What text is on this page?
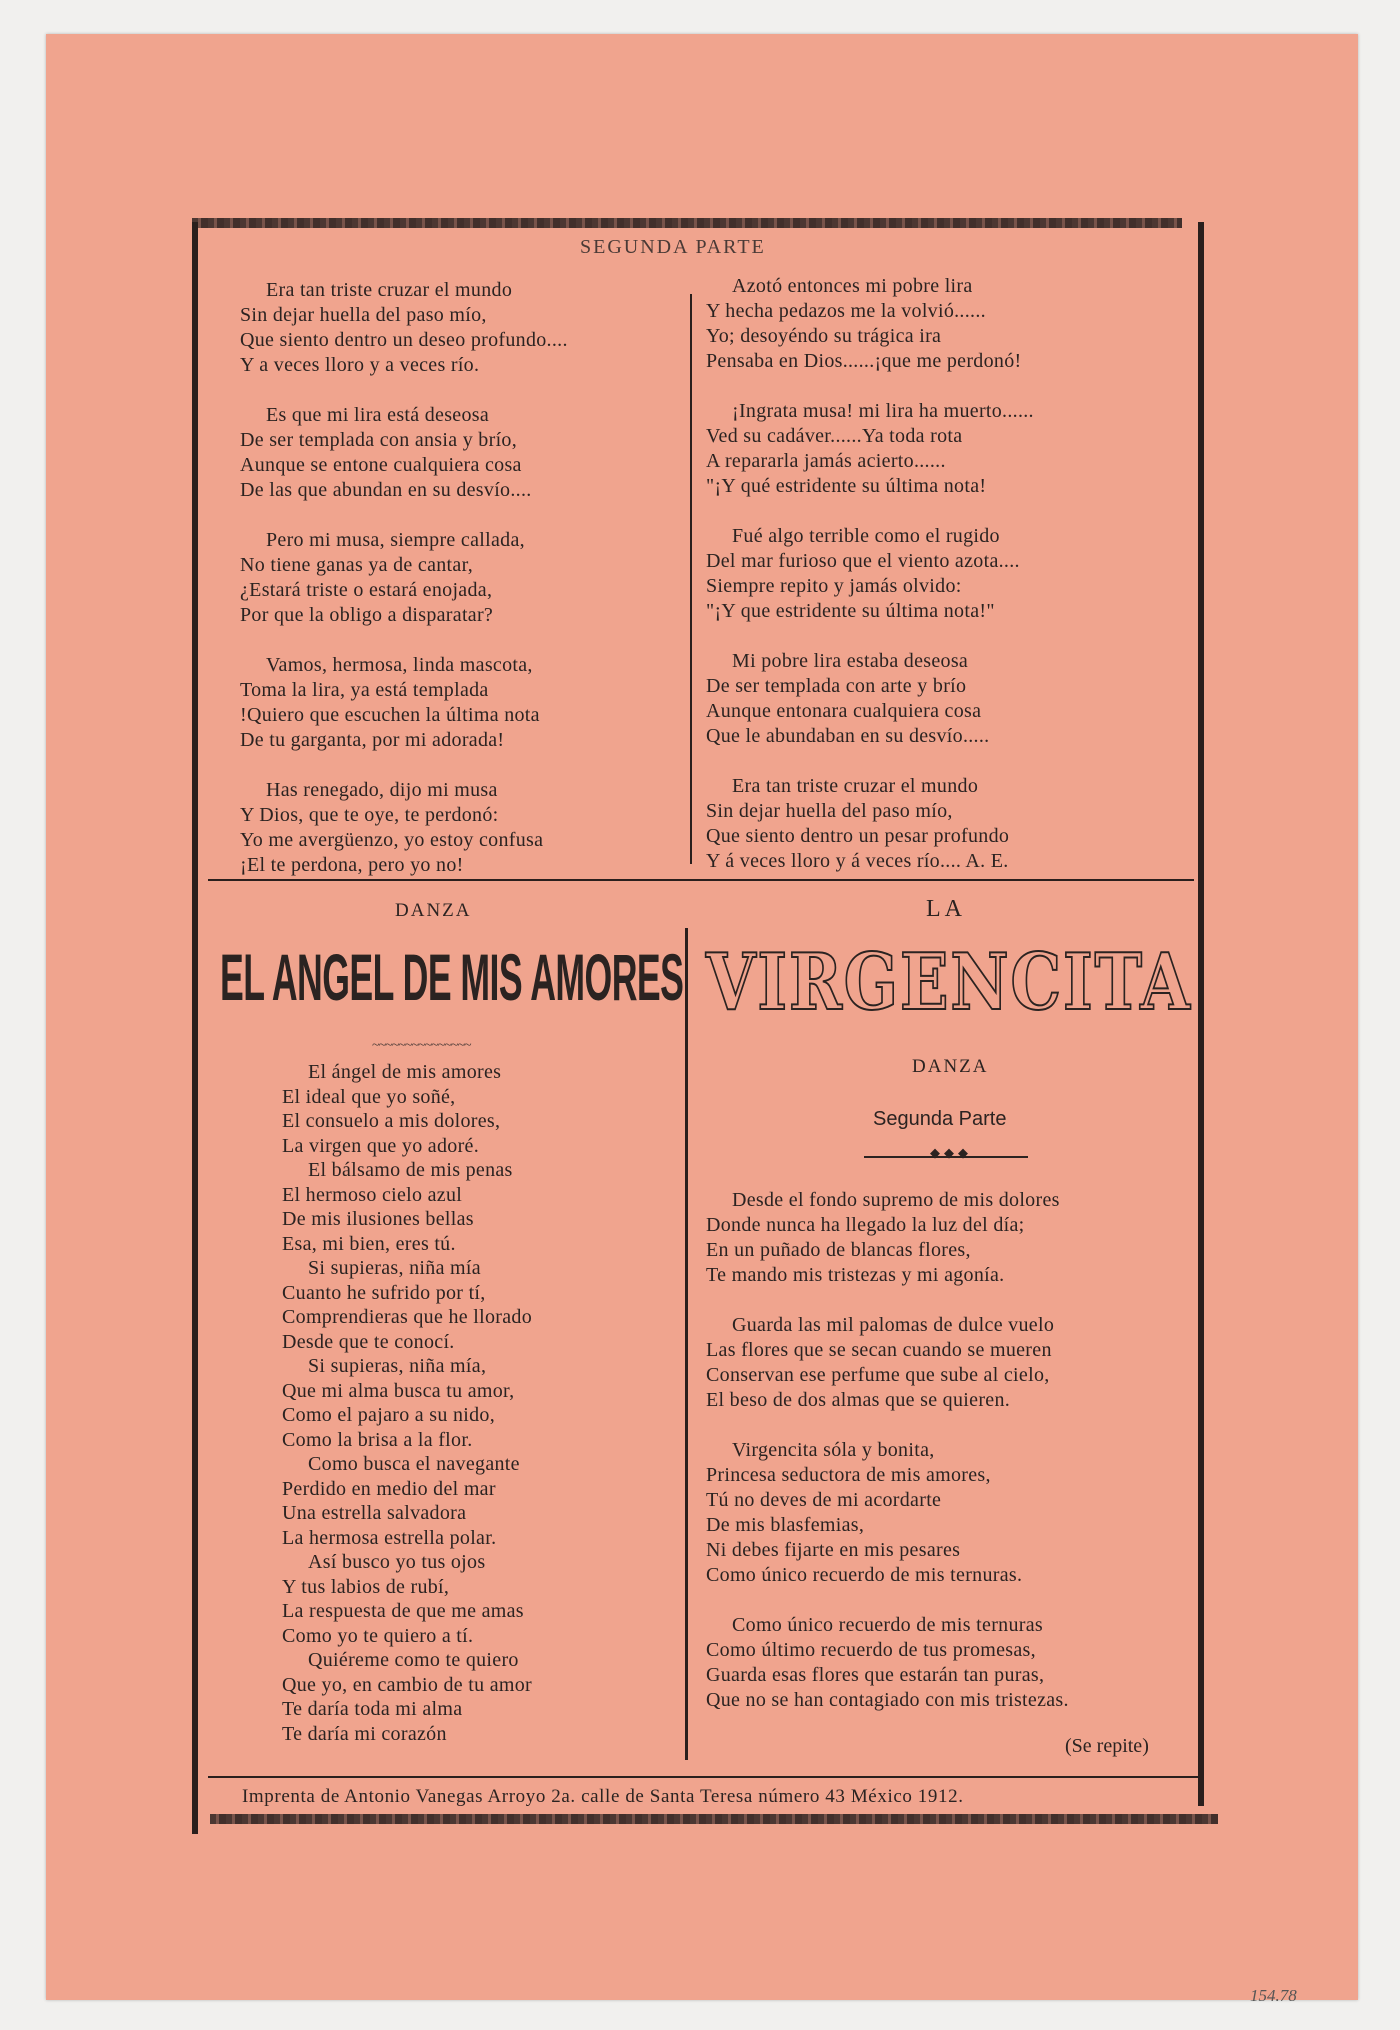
SEGUNDA PARTE
Era tan triste cruzar el mundo
Sin dejar huella del paso mío,
Que siento dentro un deseo profundo....
Y a veces lloro y a veces río.
Es que mi lira está deseosa
De ser templada con ansia y brío,
Aunque se entone cualquiera cosa
De las que abundan en su desvío....
Pero mi musa, siempre callada,
No tiene ganas ya de cantar,
¿Estará triste o estará enojada,
Por que la obligo a disparatar?
Vamos, hermosa, linda mascota,
Toma la lira, ya está templada
!Quiero que escuchen la última nota
De tu garganta, por mi adorada!
Has renegado, dijo mi musa
Y Dios, que te oye, te perdonó:
Yo me avergüenzo, yo estoy confusa
¡El te perdona, pero yo no!
Azotó entonces mi pobre lira
Y hecha pedazos me la volvió......
Yo; desoyéndo su trágica ira
Pensaba en Dios......¡que me perdonó!
¡Ingrata musa! mi lira ha muerto......
Ved su cadáver......Ya toda rota
A repararla jamás acierto......
"¡Y qué estridente su última nota!
Fué algo terrible como el rugido
Del mar furioso que el viento azota....
Siempre repito y jamás olvido:
"¡Y que estridente su última nota!"
Mi pobre lira estaba deseosa
De ser templada con arte y brío
Aunque entonara cualquiera cosa
Que le abundaban en su desvío.....
Era tan triste cruzar el mundo
Sin dejar huella del paso mío,
Que siento dentro un pesar profundo
Y á veces lloro y á veces río.... A. E.
DANZA
EL ANGEL DE MIS AMORES
~~~~~~~~~~~~~~~
El ángel de mis amores
El ideal que yo soñé,
El consuelo a mis dolores,
La virgen que yo adoré.
El bálsamo de mis penas
El hermoso cielo azul
De mis ilusiones bellas
Esa, mi bien, eres tú.
Si supieras, niña mía
Cuanto he sufrido por tí,
Comprendieras que he llorado
Desde que te conocí.
Si supieras, niña mía,
Que mi alma busca tu amor,
Como el pajaro a su nido,
Como la brisa a la flor.
Como busca el navegante
Perdido en medio del mar
Una estrella salvadora
La hermosa estrella polar.
Así busco yo tus ojos
Y tus labios de rubí,
La respuesta de que me amas
Como yo te quiero a tí.
Quiéreme como te quiero
Que yo, en cambio de tu amor
Te daría toda mi alma
Te daría mi corazón
LA
VIRGENCITA
DANZA
Segunda Parte
◆◆◆
Desde el fondo supremo de mis dolores
Donde nunca ha llegado la luz del día;
En un puñado de blancas flores,
Te mando mis tristezas y mi agonía.
Guarda las mil palomas de dulce vuelo
Las flores que se secan cuando se mueren
Conservan ese perfume que sube al cielo,
El beso de dos almas que se quieren.
Virgencita sóla y bonita,
Princesa seductora de mis amores,
Tú no deves de mi acordarte
De mis blasfemias,
Ni debes fijarte en mis pesares
Como único recuerdo de mis ternuras.
Como único recuerdo de mis ternuras
Como último recuerdo de tus promesas,
Guarda esas flores que estarán tan puras,
Que no se han contagiado con mis tristezas.
(Se repite)
Imprenta de Antonio Vanegas Arroyo 2a. calle de Santa Teresa número 43 México 1912.
154.78
